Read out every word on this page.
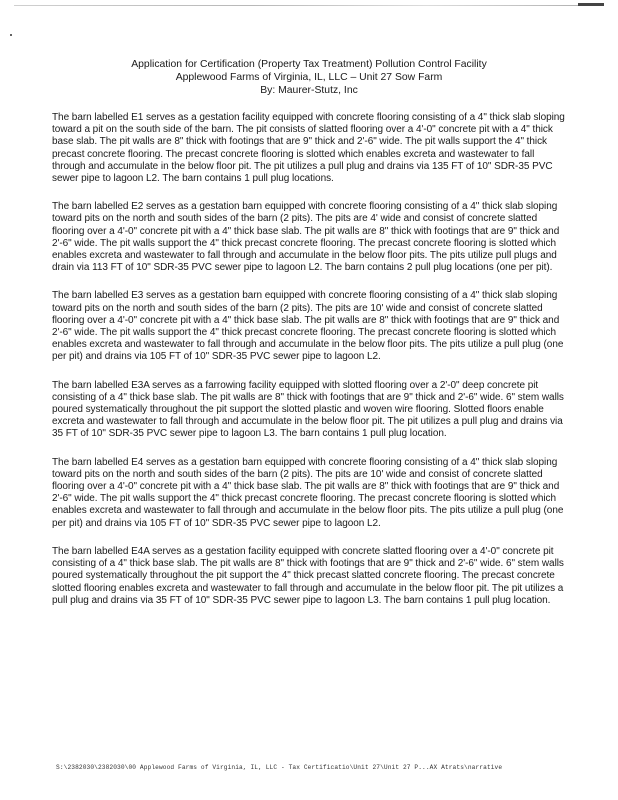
Application for Certification (Property Tax Treatment) Pollution Control Facility
Applewood Farms of Virginia, IL, LLC – Unit 27 Sow Farm
By: Maurer-Stutz, Inc

The barn labelled E1 serves as a gestation facility equipped with concrete flooring consisting of a 4" thick slab sloping toward a pit on the south side of the barn. The pit consists of slatted flooring over a 4'-0" concrete pit with a 4" thick base slab. The pit walls are 8" thick with footings that are 9" thick and 2'-6" wide. The pit walls support the 4" thick precast concrete flooring. The precast concrete flooring is slotted which enables excreta and wastewater to fall through and accumulate in the below floor pit. The pit utilizes a pull plug and drains via 135 FT of 10" SDR-35 PVC sewer pipe to lagoon L2. The barn contains 1 pull plug locations.

The barn labelled E2 serves as a gestation barn equipped with concrete flooring consisting of a 4" thick slab sloping toward pits on the north and south sides of the barn (2 pits). The pits are 4' wide and consist of concrete slatted flooring over a 4'-0" concrete pit with a 4" thick base slab. The pit walls are 8" thick with footings that are 9" thick and 2'-6" wide. The pit walls support the 4" thick precast concrete flooring. The precast concrete flooring is slotted which enables excreta and wastewater to fall through and accumulate in the below floor pits. The pits utilize pull plugs and drain via 113 FT of 10" SDR-35 PVC sewer pipe to lagoon L2. The barn contains 2 pull plug locations (one per pit).

The barn labelled E3 serves as a gestation barn equipped with concrete flooring consisting of a 4" thick slab sloping toward pits on the north and south sides of the barn (2 pits). The pits are 10' wide and consist of concrete slatted flooring over a 4'-0" concrete pit with a 4" thick base slab. The pit walls are 8" thick with footings that are 9" thick and 2'-6" wide. The pit walls support the 4" thick precast concrete flooring. The precast concrete flooring is slotted which enables excreta and wastewater to fall through and accumulate in the below floor pits. The pits utilize a pull plug (one per pit) and drains via 105 FT of 10" SDR-35 PVC sewer pipe to lagoon L2.

The barn labelled E3A serves as a farrowing facility equipped with slotted flooring over a 2'-0" deep concrete pit consisting of a 4" thick base slab. The pit walls are 8" thick with footings that are 9" thick and 2'-6" wide. 6" stem walls poured systematically throughout the pit support the slotted plastic and woven wire flooring. Slotted floors enable excreta and wastewater to fall through and accumulate in the below floor pit. The pit utilizes a pull plug and drains via 35 FT of 10" SDR-35 PVC sewer pipe to lagoon L3. The barn contains 1 pull plug location.

The barn labelled E4 serves as a gestation barn equipped with concrete flooring consisting of a 4" thick slab sloping toward pits on the north and south sides of the barn (2 pits). The pits are 10' wide and consist of concrete slatted flooring over a 4'-0" concrete pit with a 4" thick base slab. The pit walls are 8" thick with footings that are 9" thick and 2'-6" wide. The pit walls support the 4" thick precast concrete flooring. The precast concrete flooring is slotted which enables excreta and wastewater to fall through and accumulate in the below floor pits. The pits utilize a pull plug (one per pit) and drains via 105 FT of 10" SDR-35 PVC sewer pipe to lagoon L2.

The barn labelled E4A serves as a gestation facility equipped with concrete slatted flooring over a 4'-0" concrete pit consisting of a 4" thick base slab. The pit walls are 8" thick with footings that are 9" thick and 2'-6" wide. 6" stem walls poured systematically throughout the pit support the 4" thick precast slatted concrete flooring. The precast concrete slotted flooring enables excreta and wastewater to fall through and accumulate in the below floor pit. The pit utilizes a pull plug and drains via 35 FT of 10" SDR-35 PVC sewer pipe to lagoon L3. The barn contains 1 pull plug location.

S:\2382030\2382030\00 Applewood Farms of Virginia, IL, LLC - Tax Certificatio\Unit 27\Unit 27 P...AX Atrats\narrative
